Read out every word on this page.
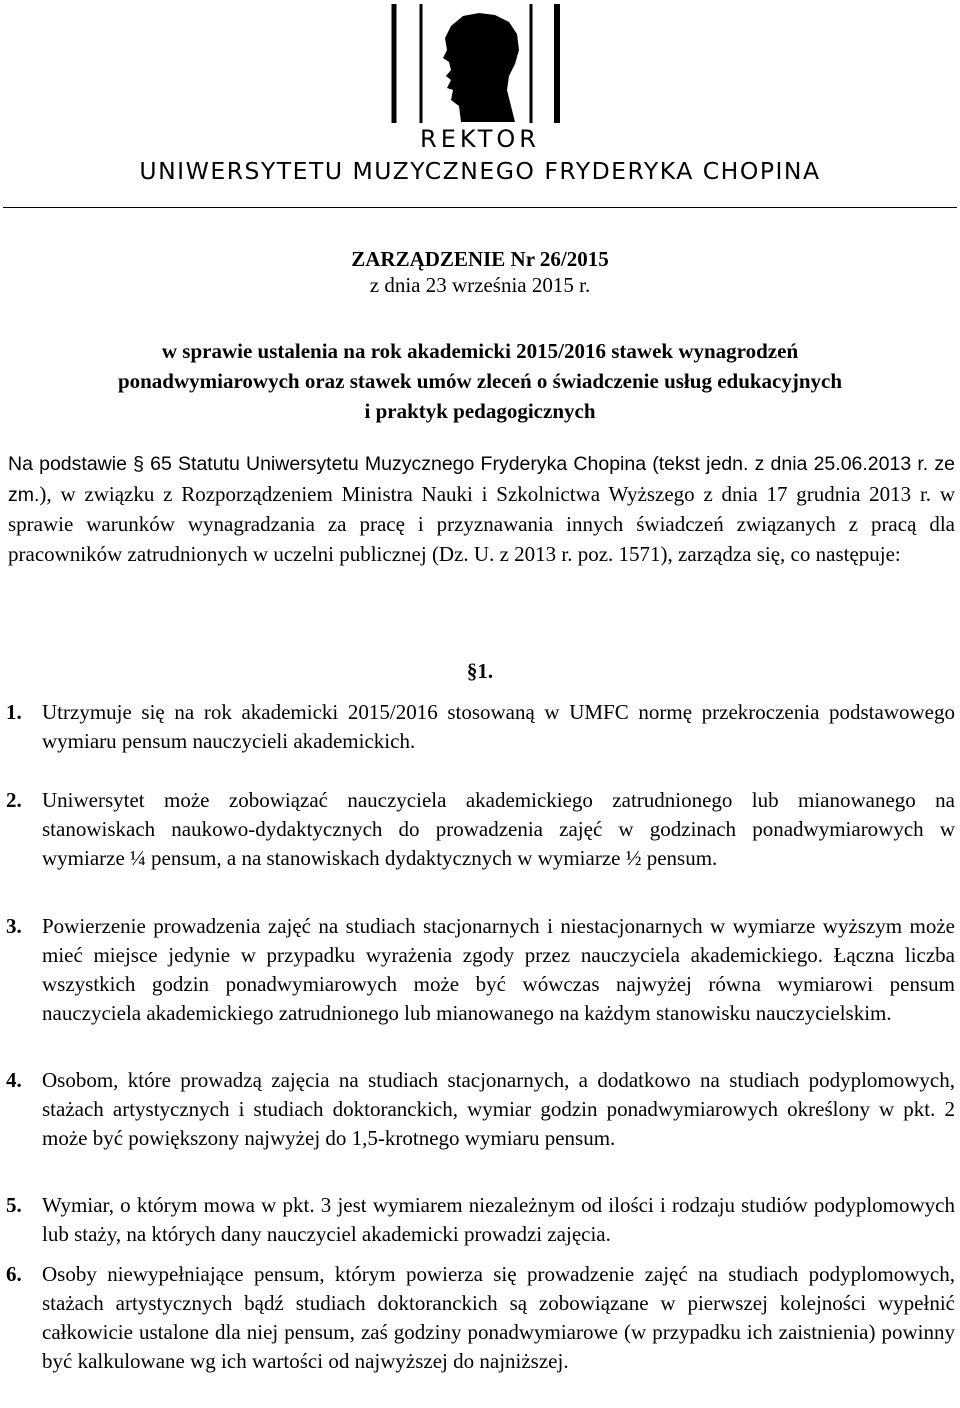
REKTOR
UNIWERSYTETU MUZYCZNEGO FRYDERYKA CHOPINA
ZARZĄDZENIE Nr 26/2015
z dnia 23 września 2015 r.
w sprawie ustalenia na rok akademicki 2015/2016 stawek wynagrodzeń
ponadwymiarowych oraz stawek umów zleceń o świadczenie usług edukacyjnych
i praktyk pedagogicznych
Na podstawie § 65 Statutu Uniwersytetu Muzycznego Fryderyka Chopina (tekst jedn. z dnia 25.06.2013 r. ze zm.), w związku z Rozporządzeniem Ministra Nauki i Szkolnictwa Wyższego z dnia 17 grudnia 2013 r. w sprawie warunków wynagradzania za pracę i przyznawania innych świadczeń związanych z pracą dla pracowników zatrudnionych w uczelni publicznej (Dz. U. z 2013 r. poz. 1571), zarządza się, co następuje:
§1.
1. Utrzymuje się na rok akademicki 2015/2016 stosowaną w UMFC normę przekroczenia podstawowego wymiaru pensum nauczycieli akademickich.
2. Uniwersytet może zobowiązać nauczyciela akademickiego zatrudnionego lub mianowanego na stanowiskach naukowo-dydaktycznych do prowadzenia zajęć w godzinach ponadwymiarowych w wymiarze ¼ pensum, a na stanowiskach dydaktycznych w wymiarze ½ pensum.
3. Powierzenie prowadzenia zajęć na studiach stacjonarnych i niestacjonarnych w wymiarze wyższym może mieć miejsce jedynie w przypadku wyrażenia zgody przez nauczyciela akademickiego. Łączna liczba wszystkich godzin ponadwymiarowych może być wówczas najwyżej równa wymiarowi pensum nauczyciela akademickiego zatrudnionego lub mianowanego na każdym stanowisku nauczycielskim.
4. Osobom, które prowadzą zajęcia na studiach stacjonarnych, a dodatkowo na studiach podyplomowych, stażach artystycznych i studiach doktoranckich, wymiar godzin ponadwymiarowych określony w pkt. 2 może być powiększony najwyżej do 1,5-krotnego wymiaru pensum.
5. Wymiar, o którym mowa w pkt. 3 jest wymiarem niezależnym od ilości i rodzaju studiów podyplomowych lub staży, na których dany nauczyciel akademicki prowadzi zajęcia.
6. Osoby niewypełniające pensum, którym powierza się prowadzenie zajęć na studiach podyplomowych, stażach artystycznych bądź studiach doktoranckich są zobowiązane w pierwszej kolejności wypełnić całkowicie ustalone dla niej pensum, zaś godziny ponadwymiarowe (w przypadku ich zaistnienia) powinny być kalkulowane wg ich wartości od najwyższej do najniższej.
